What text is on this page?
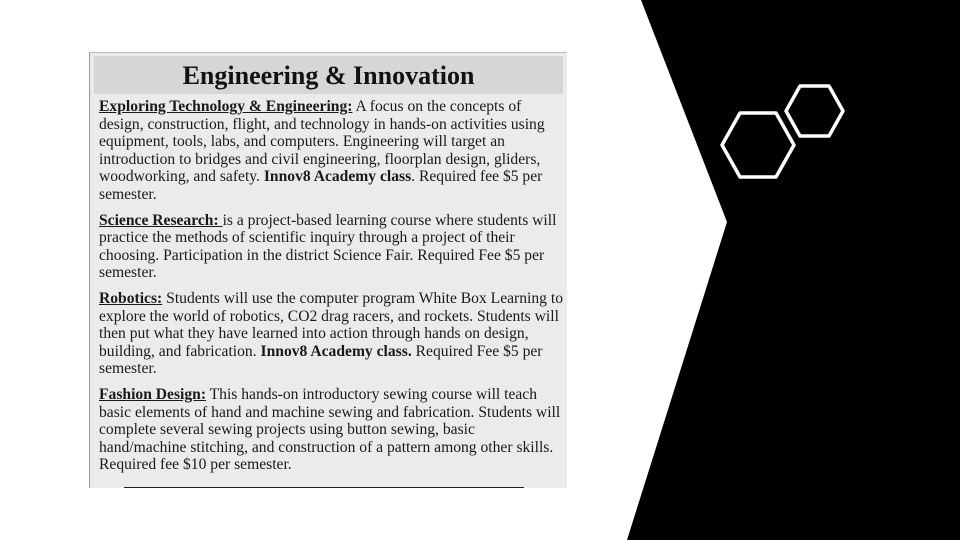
Engineering & Innovation
Exploring Technology & Engineering: A focus on the concepts of design, construction, flight, and technology in hands-on activities using equipment, tools, labs, and computers. Engineering will target an introduction to bridges and civil engineering, floorplan design, gliders, woodworking, and safety. Innov8 Academy class. Required fee $5 per semester.
Science Research: is a project-based learning course where students will practice the methods of scientific inquiry through a project of their choosing. Participation in the district Science Fair. Required Fee $5 per semester.
Robotics: Students will use the computer program White Box Learning to explore the world of robotics, CO2 drag racers, and rockets. Students will then put what they have learned into action through hands on design, building, and fabrication. Innov8 Academy class. Required Fee $5 per semester.
Fashion Design: This hands-on introductory sewing course will teach basic elements of hand and machine sewing and fabrication. Students will complete several sewing projects using button sewing, basic hand/machine stitching, and construction of a pattern among other skills. Required fee $10 per semester.
